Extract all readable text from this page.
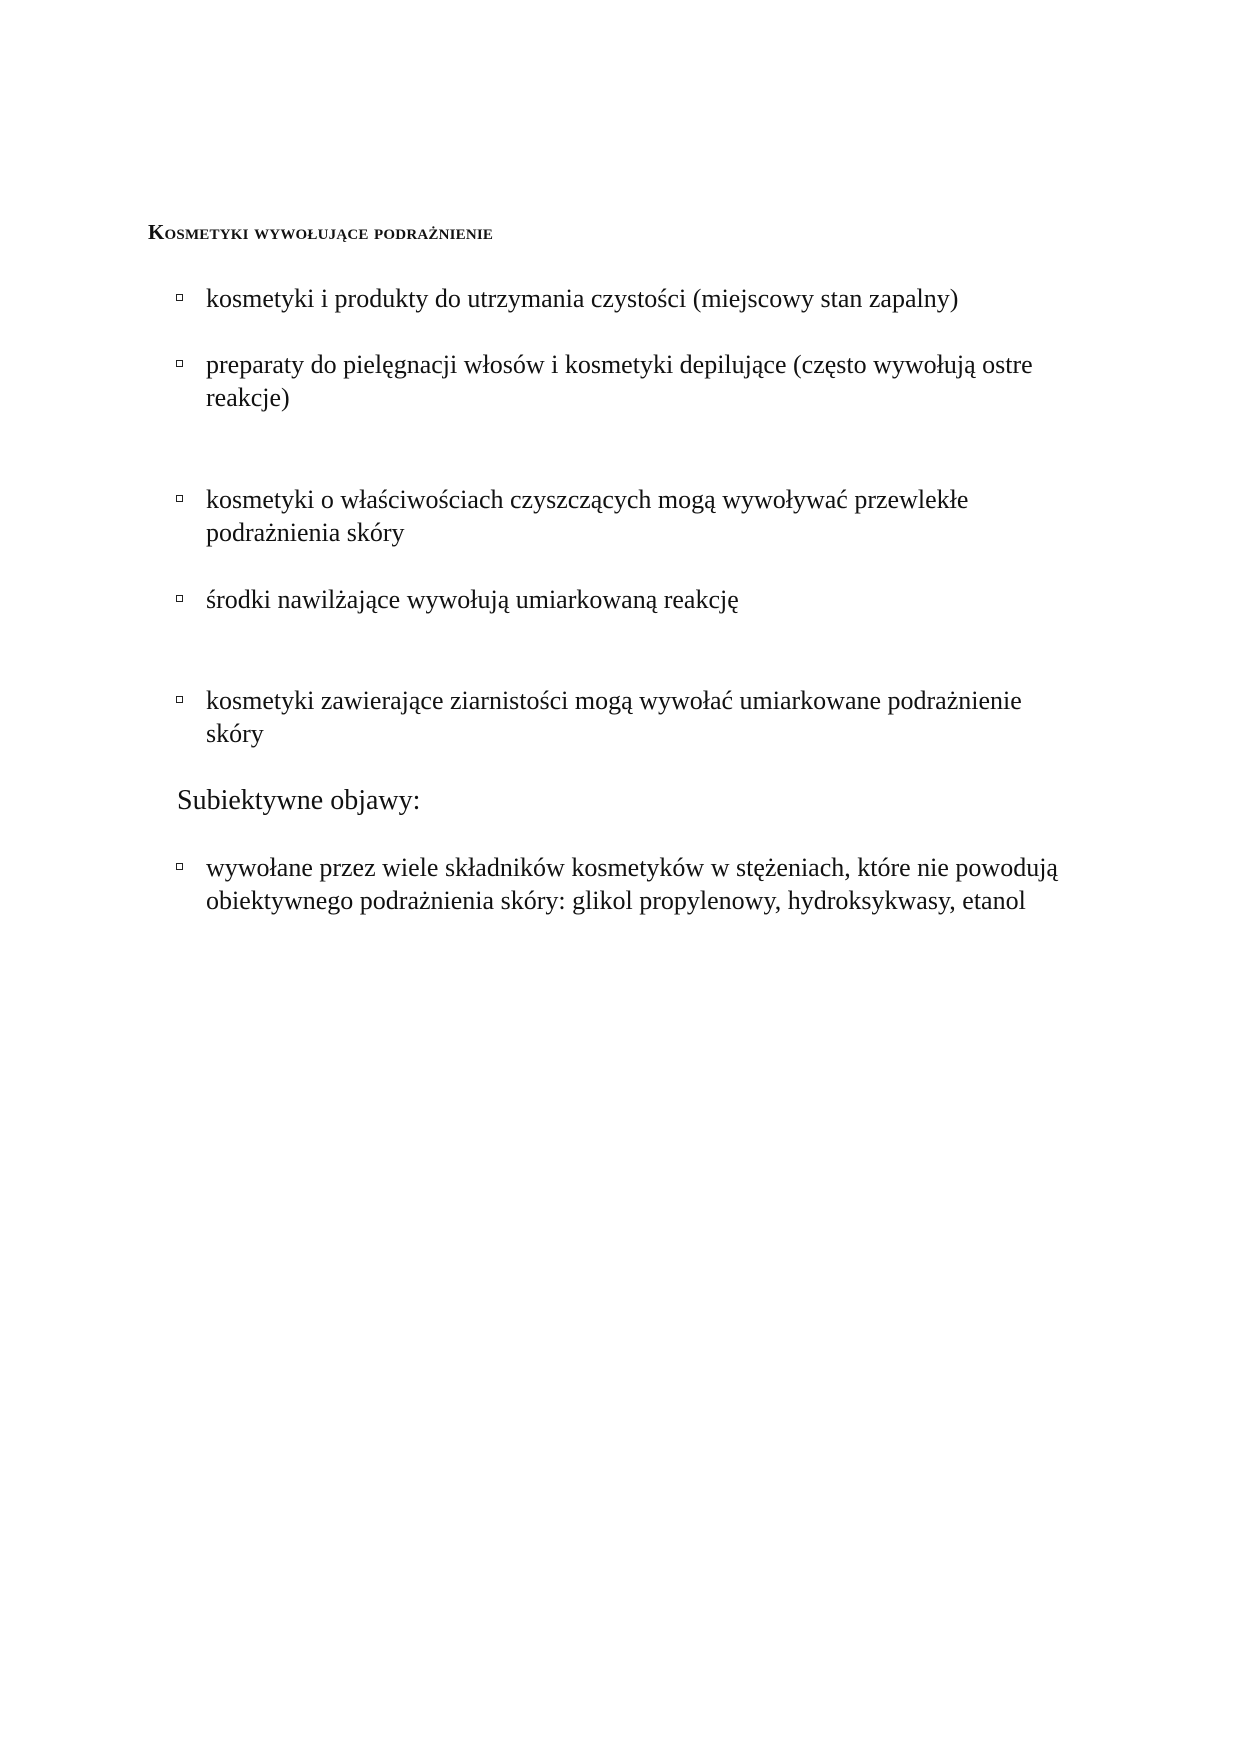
Kosmetyki wywołujące podrażnienie
kosmetyki i produkty do utrzymania czystości (miejscowy stan zapalny)
preparaty do pielęgnacji włosów i kosmetyki depilujące (często wywołują ostre reakcje)
kosmetyki o właściwościach czyszczących mogą wywoływać przewlekłe podrażnienia skóry
środki nawilżające wywołują umiarkowaną reakcję
kosmetyki zawierające ziarnistości mogą wywołać umiarkowane podrażnienie skóry
Subiektywne objawy:
wywołane przez wiele składników kosmetyków w stężeniach, które nie powodują obiektywnego podrażnienia skóry: glikol propylenowy, hydroksykwasy, etanol
